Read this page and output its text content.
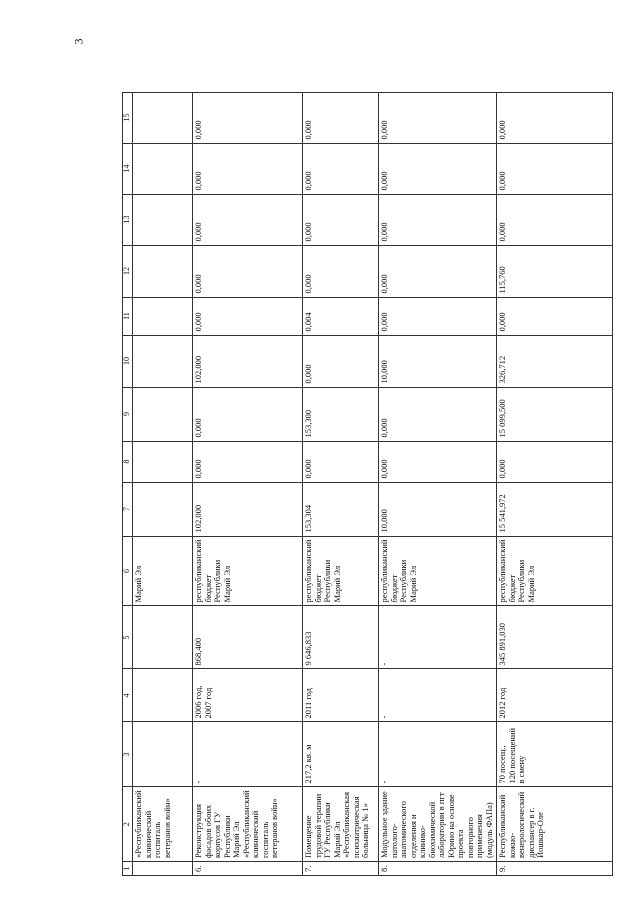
3
1	2	3	4	5	6	7	8	9	10	11	12	13	14	15

	«Республиканский
клинический
госпиталь
ветеранов войн»				Марий Эл									

6.	Реконструкция фасадов обоих корпусов ГУ Республики Марий Эл «Республиканский клинический госпиталь ветеранов войн»	-	2006 год,
2007 год	868,400	республиканский
бюджет
Республики
Марий Эл	102,000	0,000	0,000	102,000	0,000	0,000	0,000	0,000	0,000

7.	Помещение трудовой терапии ГУ Республики Марий Эл «Республиканская психиатрическая больница № 1»	217,2 кв. м	2011 год	9 646,833	республиканский
бюджет
Республики
Марий Эл	153,304	0,000	153,300	0,000	0,004	0,000	0,000	0,000	0,000

8.	Модульное здание патолого-анатомического отделения и клинико-биохимической лаборатории в пгт Юрино на основе проекта повторного применения (модуль ФАПа)	-	-	-	республиканский
бюджет
Республики
Марий Эл	10,000	0,000	0,000	10,000	0,000	0,000	0,000	0,000	0,000

9.	Республиканский кожно-венерологический диспансер в г. Йошкар-Оле	70 посещ.,
120 посещений
в смену	2012 год	345 891,030	республиканский
бюджет
Республики
Марий Эл	15 541,972	0,000	15 099,500	326,712	0,000	115,760	0,000	0,000	0,000
